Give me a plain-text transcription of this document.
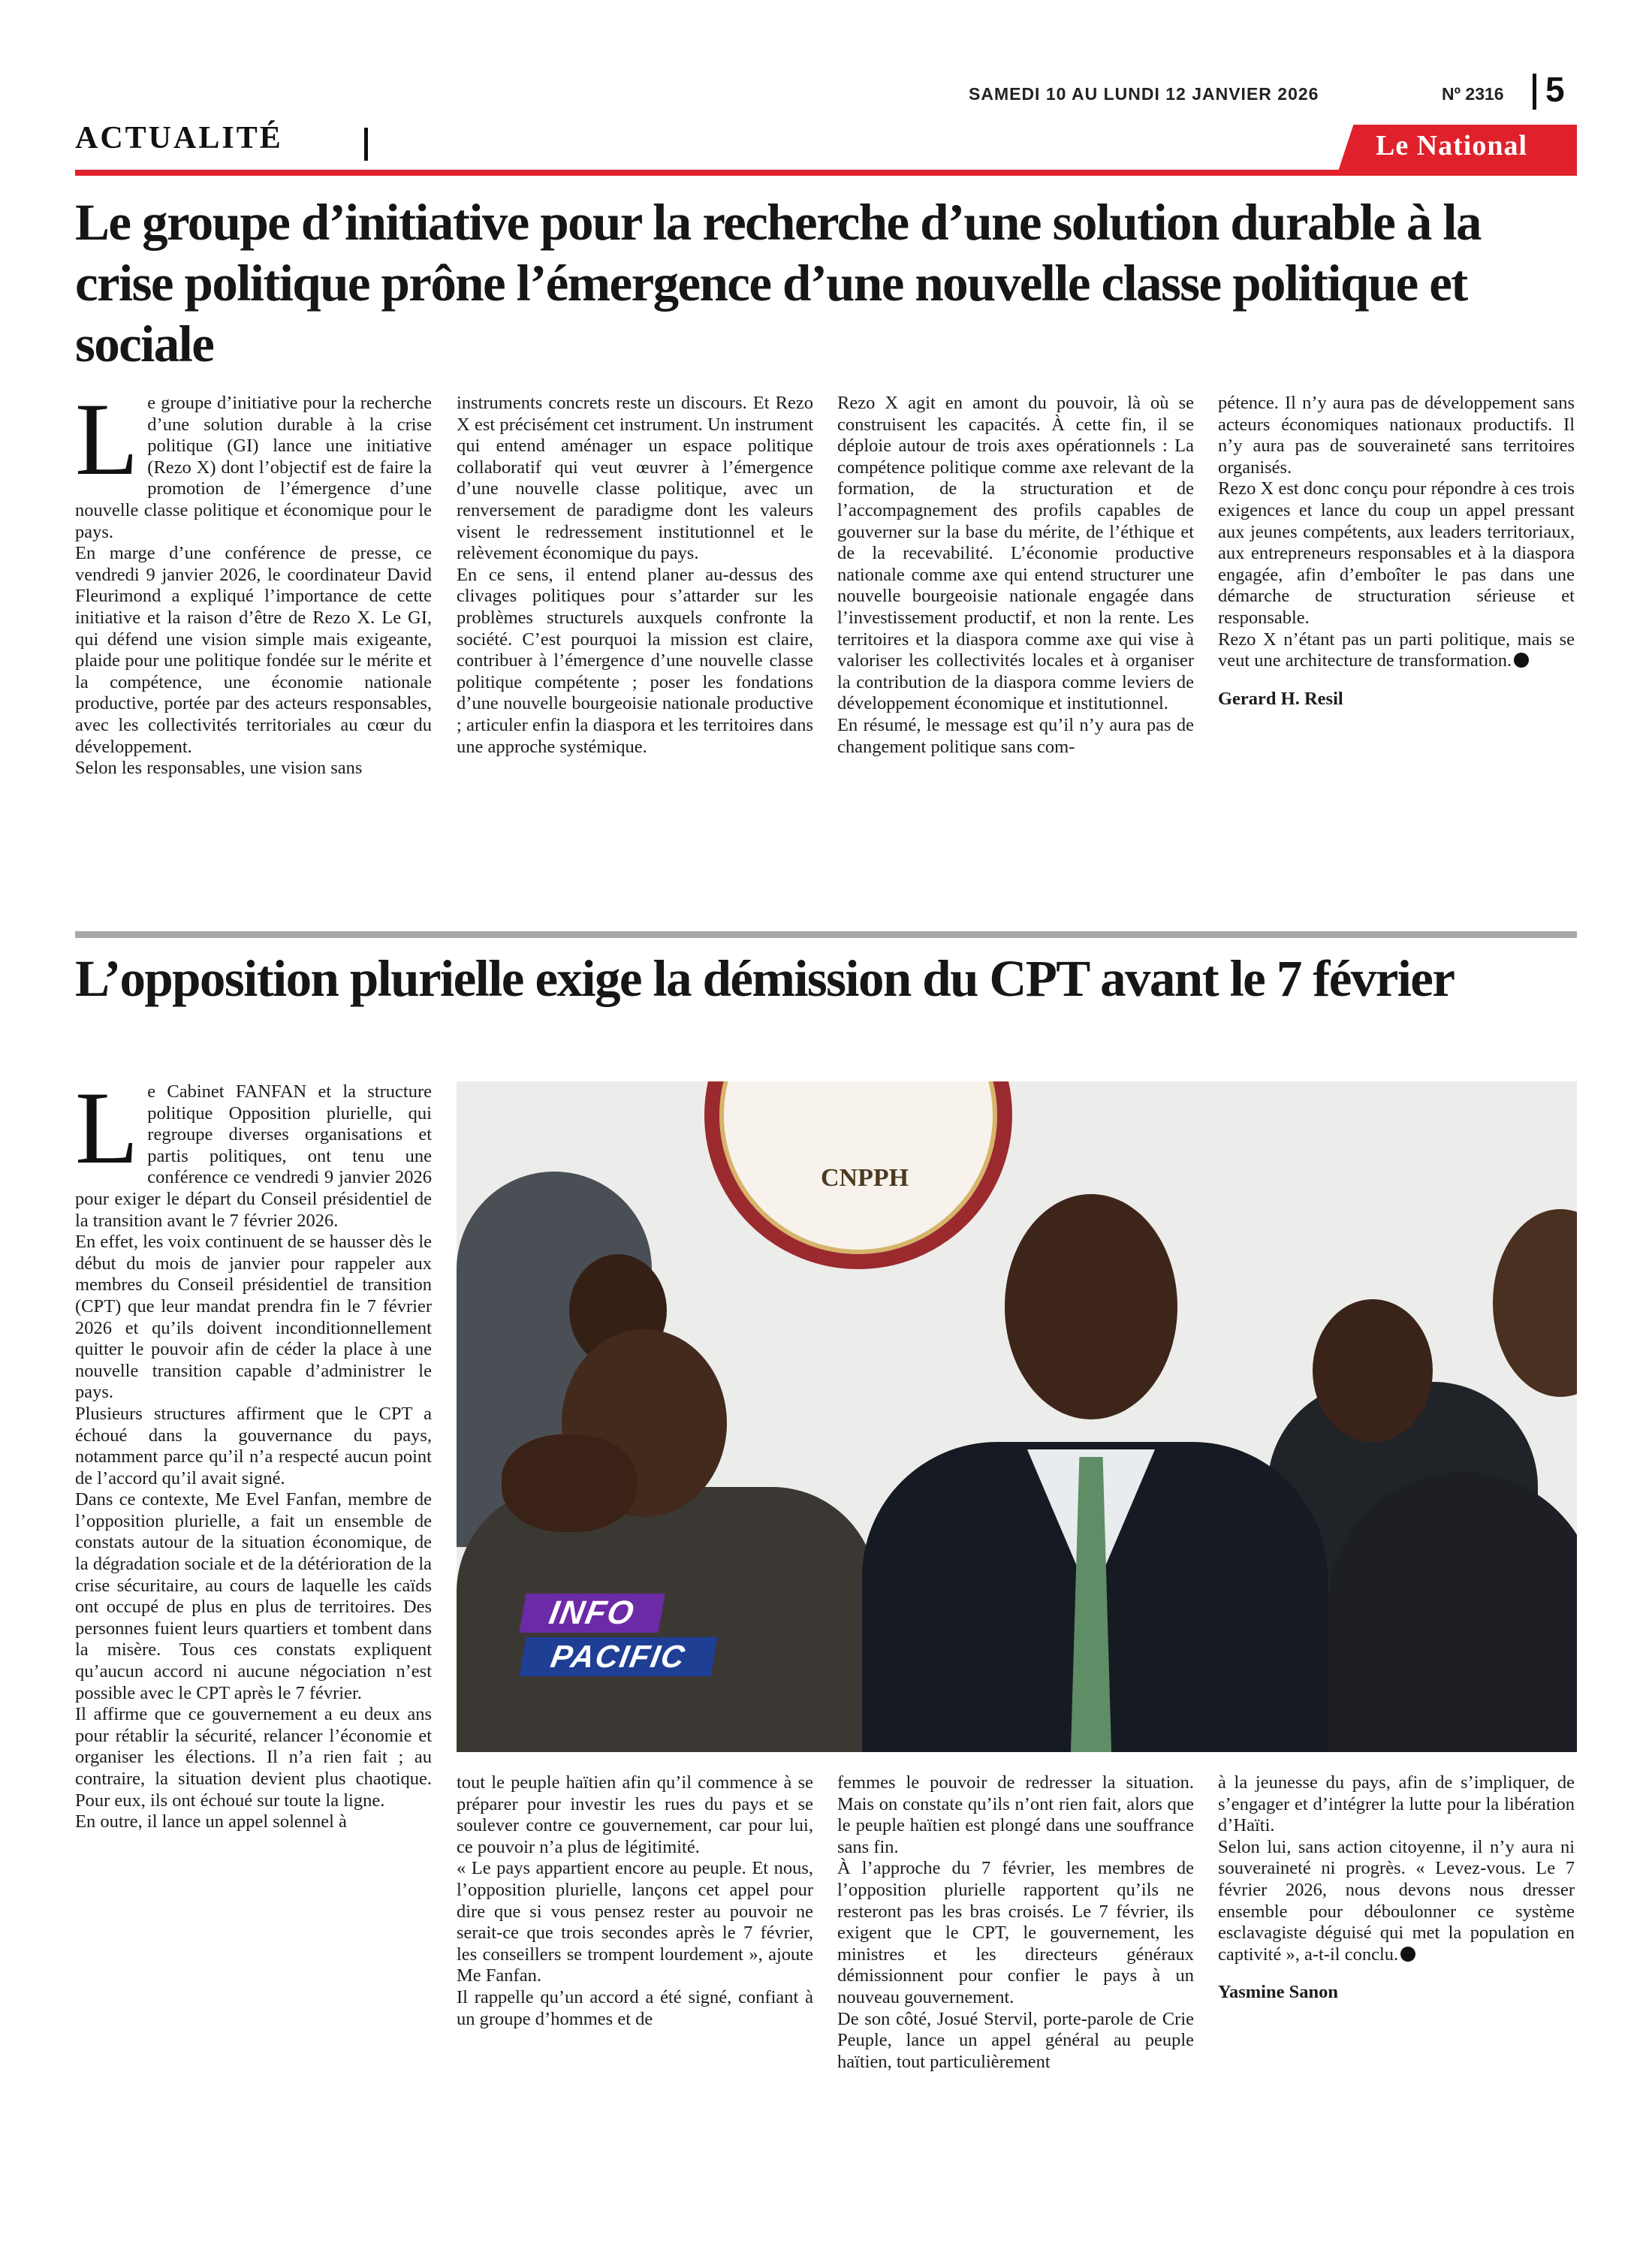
SAMEDI 10 AU LUNDI 12 JANVIER 2026	Nº 2316 5
ACTUALITÉ	Le National
Le groupe d’initiative pour la recherche d’une solution durable à la crise politique prône l’émergence d’une nouvelle classe politique et sociale

Le groupe d’initiative pour la recherche d’une solution durable à la crise politique (GI) lance une initiative (Rezo X) dont l’objectif est de faire la promotion de l’émergence d’une nouvelle classe politique et économique pour le pays.

En marge d’une conférence de presse, ce vendredi 9 janvier 2026, le coordinateur David Fleurimond a expliqué l’importance de cette initiative et la raison d’être de Rezo X. Le GI, qui défend une vision simple mais exigeante, plaide pour une politique fondée sur le mérite et la compétence, une économie nationale productive, portée par des acteurs responsables, avec les collectivités territoriales au cœur du développement.

Selon les responsables, une vision sans

instruments concrets reste un discours. Et Rezo X est précisément cet instrument. Un instrument qui entend aménager un espace politique collaboratif qui veut œuvrer à l’émergence d’une nouvelle classe politique, avec un renversement de paradigme dont les valeurs visent le redressement institutionnel et le relèvement économique du pays.

En ce sens, il entend planer au-dessus des clivages politiques pour s’attarder sur les problèmes structurels auxquels confronte la société. C’est pourquoi la mission est claire, contribuer à l’émergence d’une nouvelle classe politique compétente ; poser les fondations d’une nouvelle bourgeoisie nationale productive ; articuler enfin la diaspora et les territoires dans une approche systémique.

Rezo X agit en amont du pouvoir, là où se construisent les capacités. À cette fin, il se déploie autour de trois axes opérationnels : La compétence politique comme axe relevant de la formation, de la structuration et de l’accompagnement des profils capables de gouverner sur la base du mérite, de l’éthique et de la recevabilité. L’économie productive nationale comme axe qui entend structurer une nouvelle bourgeoisie nationale engagée dans l’investissement productif, et non la rente. Les territoires et la diaspora comme axe qui vise à valoriser les collectivités locales et à organiser la contribution de la diaspora comme leviers de développement économique et institutionnel.

En résumé, le message est qu’il n’y aura pas de changement politique sans com-

pétence. Il n’y aura pas de développement sans acteurs économiques nationaux productifs. Il n’y aura pas de souveraineté sans territoires organisés.

Rezo X est donc conçu pour répondre à ces trois exigences et lance du coup un appel pressant aux jeunes compétents, aux leaders territoriaux, aux entrepreneurs responsables et à la diaspora engagée, afin d’emboîter le pas dans une démarche de structuration sérieuse et responsable.

Rezo X n’étant pas un parti politique, mais se veut une architecture de transformation.

Gerard H. Resil

L’opposition plurielle exige la démission du CPT avant le 7 février

Le Cabinet FANFAN et la structure politique Opposition plurielle, qui regroupe diverses organisations et partis politiques, ont tenu une conférence ce vendredi 9 janvier 2026 pour exiger le départ du Conseil présidentiel de la transition avant le 7 février 2026.

En effet, les voix continuent de se hausser dès le début du mois de janvier pour rappeler aux membres du Conseil présidentiel de transition (CPT) que leur mandat prendra fin le 7 février 2026 et qu’ils doivent inconditionnellement quitter le pouvoir afin de céder la place à une nouvelle transition capable d’administrer le pays.

Plusieurs structures affirment que le CPT a échoué dans la gouvernance du pays, notamment parce qu’il n’a respecté aucun point de l’accord qu’il avait signé.

Dans ce contexte, Me Evel Fanfan, membre de l’opposition plurielle, a fait un ensemble de constats autour de la situation économique, de la dégradation sociale et de la détérioration de la crise sécuritaire, au cours de laquelle les caïds ont occupé de plus en plus de territoires. Des personnes fuient leurs quartiers et tombent dans la misère. Tous ces constats expliquent qu’aucun accord ni aucune négociation n’est possible avec le CPT après le 7 février.

Il affirme que ce gouvernement a eu deux ans pour rétablir la sécurité, relancer l’économie et organiser les élections. Il n’a rien fait ; au contraire, la situation devient plus chaotique. Pour eux, ils ont échoué sur toute la ligne.

En outre, il lance un appel solennel à

CNPPH
INFO
PACIFIC

tout le peuple haïtien afin qu’il commence à se préparer pour investir les rues du pays et se soulever contre ce gouvernement, car pour lui, ce pouvoir n’a plus de légitimité.

« Le pays appartient encore au peuple. Et nous, l’opposition plurielle, lançons cet appel pour dire que si vous pensez rester au pouvoir ne serait-ce que trois secondes après le 7 février, les conseillers se trompent lourdement », ajoute Me Fanfan.

Il rappelle qu’un accord a été signé, confiant à un groupe d’hommes et de

femmes le pouvoir de redresser la situation. Mais on constate qu’ils n’ont rien fait, alors que le peuple haïtien est plongé dans une souffrance sans fin.

À l’approche du 7 février, les membres de l’opposition plurielle rapportent qu’ils ne resteront pas les bras croisés. Le 7 février, ils exigent que le CPT, le gouvernement, les ministres et les directeurs généraux démissionnent pour confier le pays à un nouveau gouvernement.

De son côté, Josué Stervil, porte-parole de Crie Peuple, lance un appel général au peuple haïtien, tout particulièrement

à la jeunesse du pays, afin de s’impliquer, de s’engager et d’intégrer la lutte pour la libération d’Haïti.

Selon lui, sans action citoyenne, il n’y aura ni souveraineté ni progrès. « Levez-vous. Le 7 février 2026, nous devons nous dresser ensemble pour déboulonner ce système esclavagiste déguisé qui met la population en captivité », a-t-il conclu.

Yasmine Sanon
